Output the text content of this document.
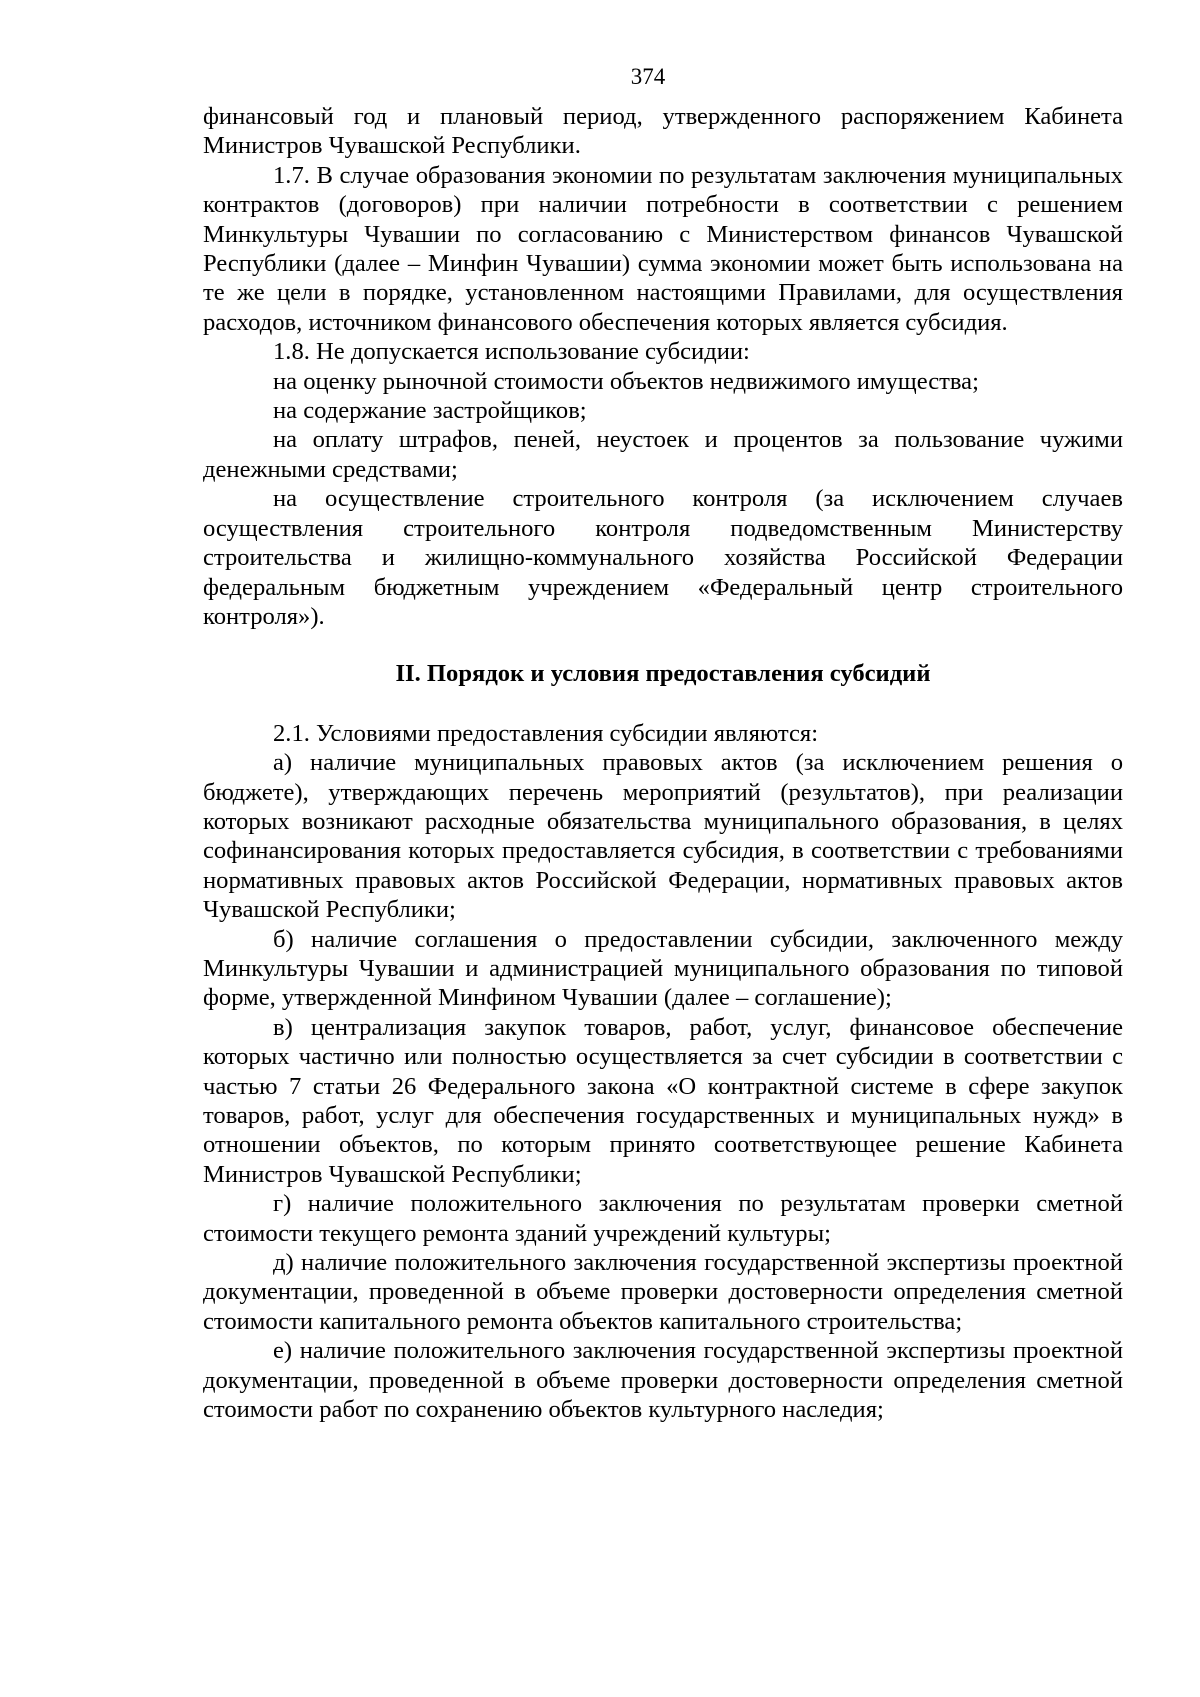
374

финансовый год и плановый период, утвержденного распоряжением Кабинета Министров Чувашской Республики.

1.7. В случае образования экономии по результатам заключения муниципальных контрактов (договоров) при наличии потребности в соответствии с решением Минкультуры Чувашии по согласованию с Министерством финансов Чувашской Республики (далее – Минфин Чувашии) сумма экономии может быть использована на те же цели в порядке, установленном настоящими Правилами, для осуществления расходов, источником финансового обеспечения которых является субсидия.

1.8. Не допускается использование субсидии:

на оценку рыночной стоимости объектов недвижимого имущества;

на содержание застройщиков;

на оплату штрафов, пеней, неустоек и процентов за пользование чужими денежными средствами;

на осуществление строительного контроля (за исключением случаев осуществления строительного контроля подведомственным Министерству строительства и жилищно-коммунального хозяйства Российской Федерации федеральным бюджетным учреждением «Федеральный центр строительного контроля»).

II. Порядок и условия предоставления субсидий

2.1. Условиями предоставления субсидии являются:

а) наличие муниципальных правовых актов (за исключением решения о бюджете), утверждающих перечень мероприятий (результатов), при реализации которых возникают расходные обязательства муниципального образования, в целях софинансирования которых предоставляется субсидия, в соответствии с требованиями нормативных правовых актов Российской Федерации, нормативных правовых актов Чувашской Республики;

б) наличие соглашения о предоставлении субсидии, заключенного между Минкультуры Чувашии и администрацией муниципального образования по типовой форме, утвержденной Минфином Чувашии (далее – соглашение);

в) централизация закупок товаров, работ, услуг, финансовое обеспечение которых частично или полностью осуществляется за счет субсидии в соответствии с частью 7 статьи 26 Федерального закона «О контрактной системе в сфере закупок товаров, работ, услуг для обеспечения государственных и муниципальных нужд» в отношении объектов, по которым принято соответствующее решение Кабинета Министров Чувашской Республики;

г) наличие положительного заключения по результатам проверки сметной стоимости текущего ремонта зданий учреждений культуры;

д) наличие положительного заключения государственной экспертизы проектной документации, проведенной в объеме проверки достоверности определения сметной стоимости капитального ремонта объектов капитального строительства;

е) наличие положительного заключения государственной экспертизы проектной документации, проведенной в объеме проверки достоверности определения сметной стоимости работ по сохранению объектов культурного наследия;
